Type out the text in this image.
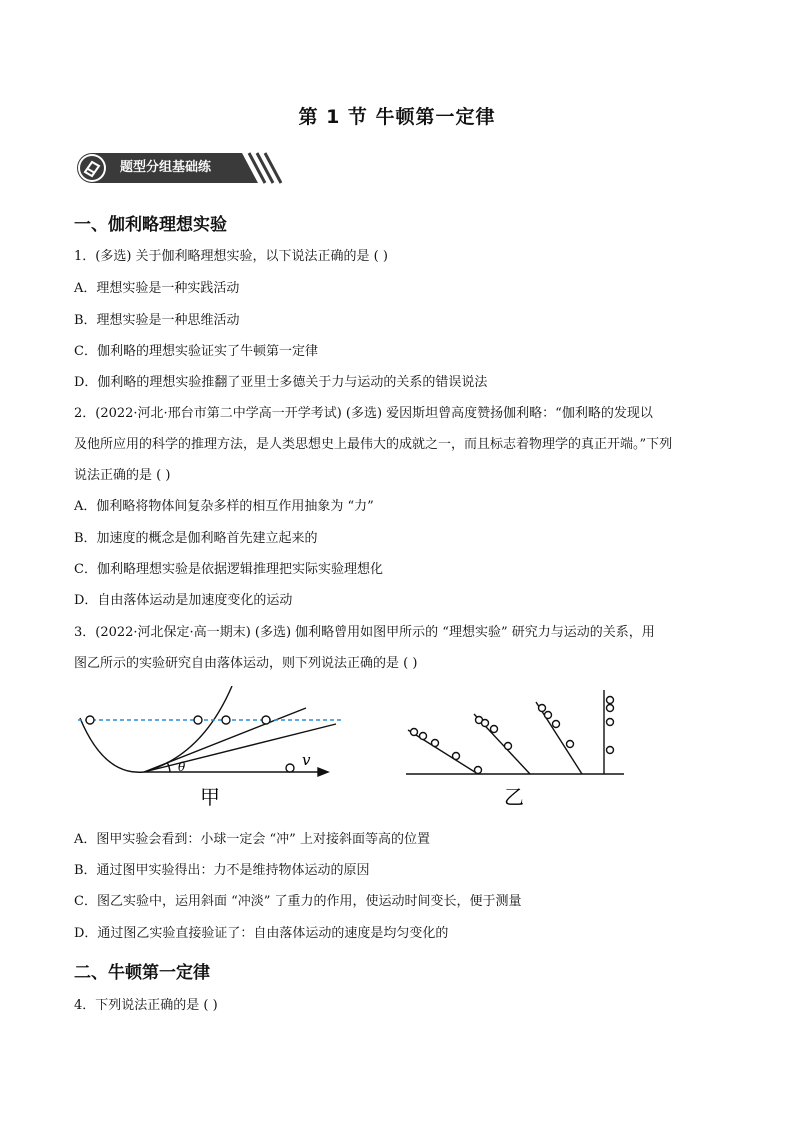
第 1 节 牛顿第一定律
题型分组基础练
一、伽利略理想实验
1．(多选) 关于伽利略理想实验，以下说法正确的是 ( )
A．理想实验是一种实践活动
B．理想实验是一种思维活动
C．伽利略的理想实验证实了牛顿第一定律
D．伽利略的理想实验推翻了亚里士多德关于力与运动的关系的错误说法
2．(2022·河北·邢台市第二中学高一开学考试) (多选) 爱因斯坦曾高度赞扬伽利略：“伽利略的发现以
及他所应用的科学的推理方法，是人类思想史上最伟大的成就之一，而且标志着物理学的真正开端。”下列
说法正确的是 ( )
A．伽利略将物体间复杂多样的相互作用抽象为 “力”
B．加速度的概念是伽利略首先建立起来的
C．伽利略理想实验是依据逻辑推理把实际实验理想化
D．自由落体运动是加速度变化的运动
3．(2022·河北保定·高一期末) (多选) 伽利略曾用如图甲所示的 “理想实验” 研究力与运动的关系，用
图乙所示的实验研究自由落体运动，则下列说法正确的是 ( )
θ	v
甲	乙
A．图甲实验会看到：小球一定会 “冲” 上对接斜面等高的位置
B．通过图甲实验得出：力不是维持物体运动的原因
C．图乙实验中，运用斜面 “冲淡” 了重力的作用，使运动时间变长，便于测量
D．通过图乙实验直接验证了：自由落体运动的速度是均匀变化的
二、牛顿第一定律
4．下列说法正确的是 ( )
